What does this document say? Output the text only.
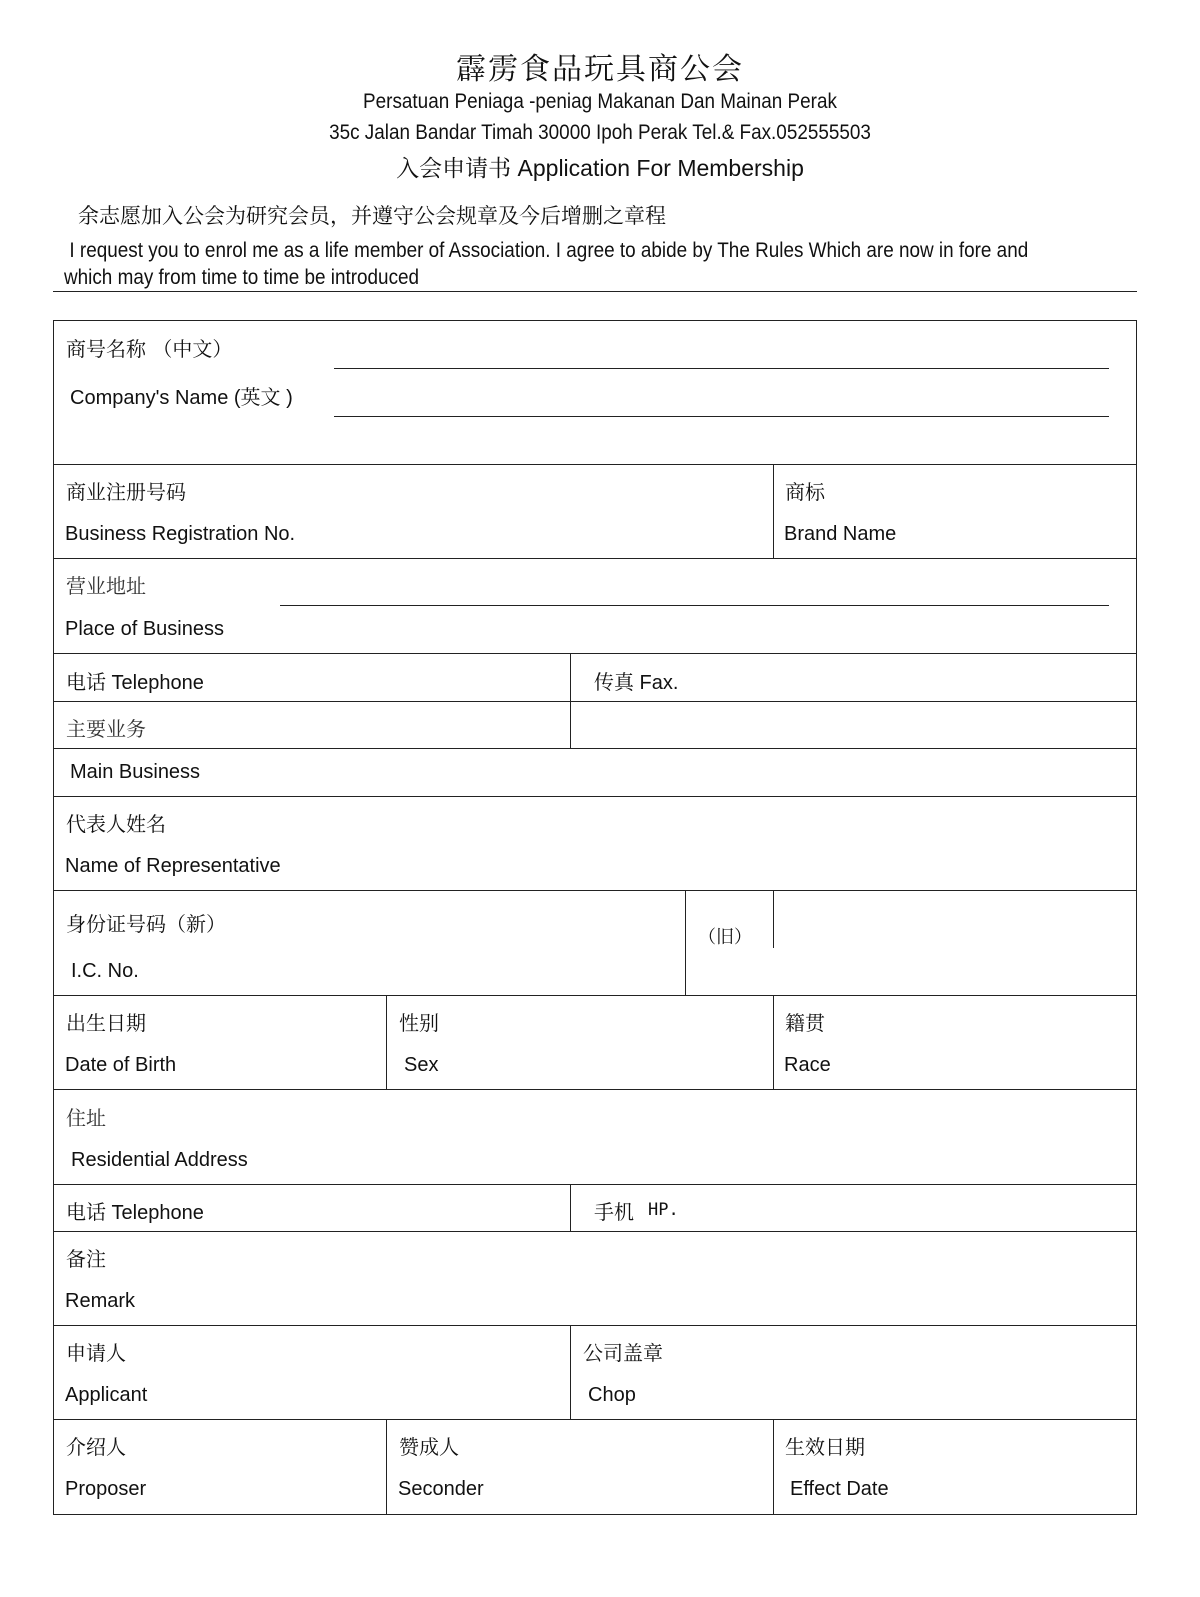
霹雳食品玩具商公会
Persatuan Peniaga -peniag Makanan Dan Mainan Perak
35c Jalan Bandar Timah 30000 Ipoh Perak Tel.& Fax.052555503
入会申请书 Application For Membership
余志愿加入公会为研究会员，并遵守公会规章及今后增删之章程
I request you to enrol me as a life member of Association. I agree to abide by The Rules Which are now in fore and which may from time to time be introduced
商号名称 （中文）
Company's Name (英文 )
商业注册号码
Business Registration No.
商标
Brand Name
营业地址
Place of Business
电话 Telephone	传真 Fax.
主要业务
Main Business
代表人姓名
Name of Representative
身份证号码（新）
（旧）
I.C. No.
出生日期
Date of Birth
性别
Sex
籍贯
Race
住址
Residential Address
电话 Telephone	手机 HP.
备注
Remark
申请人
Applicant
公司盖章
Chop
介绍人
Proposer
赞成人
Seconder
生效日期
Effect Date
